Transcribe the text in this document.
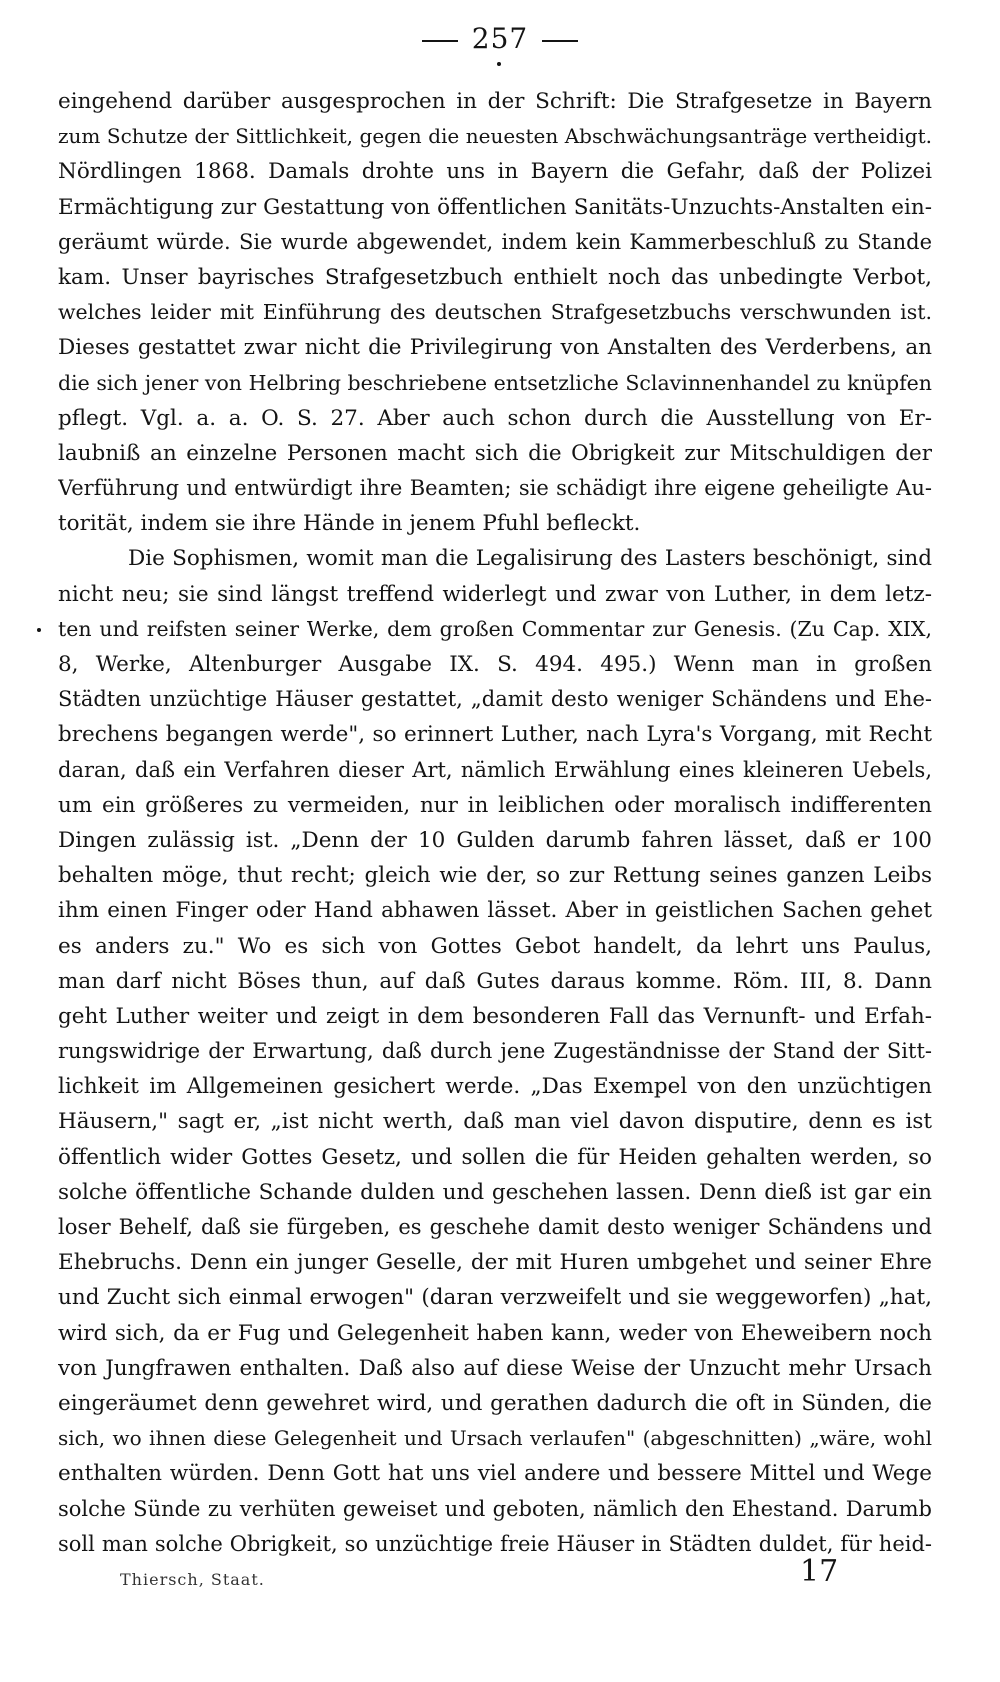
257
eingehend darüber ausgesprochen in der Schrift: Die Strafgesetze in Bayern
zum Schutze der Sittlichkeit, gegen die neuesten Abschwächungsanträge vertheidigt.
Nördlingen 1868. Damals drohte uns in Bayern die Gefahr, daß der Polizei
Ermächtigung zur Gestattung von öffentlichen Sanitäts-Unzuchts-Anstalten ein-
geräumt würde. Sie wurde abgewendet, indem kein Kammerbeschluß zu Stande
kam. Unser bayrisches Strafgesetzbuch enthielt noch das unbedingte Verbot,
welches leider mit Einführung des deutschen Strafgesetzbuchs verschwunden ist.
Dieses gestattet zwar nicht die Privilegirung von Anstalten des Verderbens, an
die sich jener von Helbring beschriebene entsetzliche Sclavinnenhandel zu knüpfen
pflegt. Vgl. a. a. O. S. 27. Aber auch schon durch die Ausstellung von Er-
laubniß an einzelne Personen macht sich die Obrigkeit zur Mitschuldigen der
Verführung und entwürdigt ihre Beamten; sie schädigt ihre eigene geheiligte Au-
torität, indem sie ihre Hände in jenem Pfuhl befleckt.
Die Sophismen, womit man die Legalisirung des Lasters beschönigt, sind
nicht neu; sie sind längst treffend widerlegt und zwar von Luther, in dem letz-
ten und reifsten seiner Werke, dem großen Commentar zur Genesis. (Zu Cap. XIX,
8, Werke, Altenburger Ausgabe IX. S. 494. 495.) Wenn man in großen
Städten unzüchtige Häuser gestattet, „damit desto weniger Schändens und Ehe-
brechens begangen werde", so erinnert Luther, nach Lyra's Vorgang, mit Recht
daran, daß ein Verfahren dieser Art, nämlich Erwählung eines kleineren Uebels,
um ein größeres zu vermeiden, nur in leiblichen oder moralisch indifferenten
Dingen zulässig ist. „Denn der 10 Gulden darumb fahren lässet, daß er 100
behalten möge, thut recht; gleich wie der, so zur Rettung seines ganzen Leibs
ihm einen Finger oder Hand abhawen lässet. Aber in geistlichen Sachen gehet
es anders zu." Wo es sich von Gottes Gebot handelt, da lehrt uns Paulus,
man darf nicht Böses thun, auf daß Gutes daraus komme. Röm. III, 8. Dann
geht Luther weiter und zeigt in dem besonderen Fall das Vernunft- und Erfah-
rungswidrige der Erwartung, daß durch jene Zugeständnisse der Stand der Sitt-
lichkeit im Allgemeinen gesichert werde. „Das Exempel von den unzüchtigen
Häusern," sagt er, „ist nicht werth, daß man viel davon disputire, denn es ist
öffentlich wider Gottes Gesetz, und sollen die für Heiden gehalten werden, so
solche öffentliche Schande dulden und geschehen lassen. Denn dieß ist gar ein
loser Behelf, daß sie fürgeben, es geschehe damit desto weniger Schändens und
Ehebruchs. Denn ein junger Geselle, der mit Huren umbgehet und seiner Ehre
und Zucht sich einmal erwogen" (daran verzweifelt und sie weggeworfen) „hat,
wird sich, da er Fug und Gelegenheit haben kann, weder von Eheweibern noch
von Jungfrawen enthalten. Daß also auf diese Weise der Unzucht mehr Ursach
eingeräumet denn gewehret wird, und gerathen dadurch die oft in Sünden, die
sich, wo ihnen diese Gelegenheit und Ursach verlaufen" (abgeschnitten) „wäre, wohl
enthalten würden. Denn Gott hat uns viel andere und bessere Mittel und Wege
solche Sünde zu verhüten geweiset und geboten, nämlich den Ehestand. Darumb
soll man solche Obrigkeit, so unzüchtige freie Häuser in Städten duldet, für heid-
Thiersch, Staat.	17
